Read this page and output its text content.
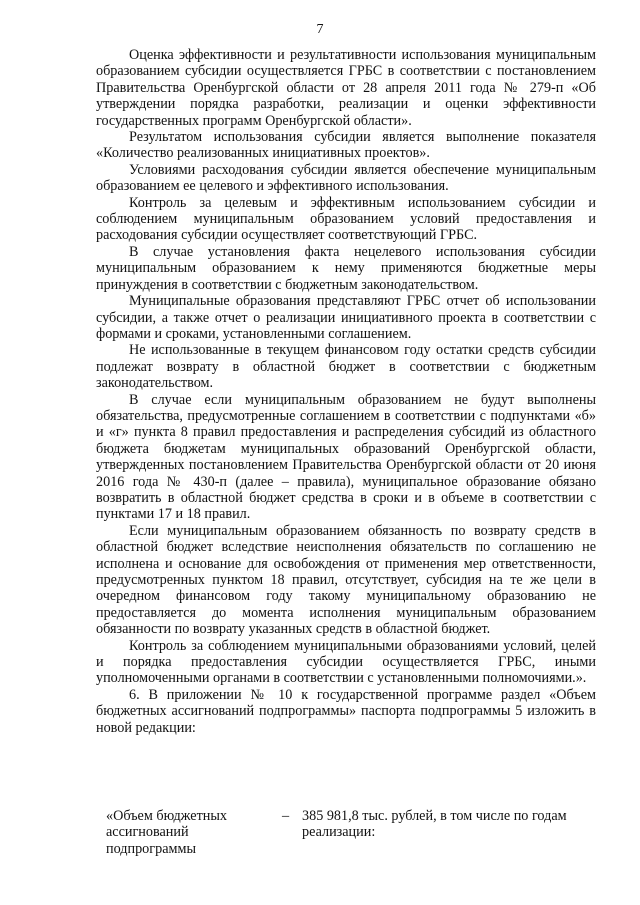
7

Оценка эффективности и результативности использования муниципальным образованием субсидии осуществляется ГРБС в соответствии с постановлением Правительства Оренбургской области от 28 апреля 2011 года № 279-п «Об утверждении порядка разработки, реализации и оценки эффективности государственных программ Оренбургской области».

Результатом использования субсидии является выполнение показателя «Количество реализованных инициативных проектов».

Условиями расходования субсидии является обеспечение муниципальным образованием ее целевого и эффективного использования.

Контроль за целевым и эффективным использованием субсидии и соблюдением муниципальным образованием условий предоставления и расходования субсидии осуществляет соответствующий ГРБС.

В случае установления факта нецелевого использования субсидии муниципальным образованием к нему применяются бюджетные меры принуждения в соответствии с бюджетным законодательством.

Муниципальные образования представляют ГРБС отчет об использовании субсидии, а также отчет о реализации инициативного проекта в соответствии с формами и сроками, установленными соглашением.

Не использованные в текущем финансовом году остатки средств субсидии подлежат возврату в областной бюджет в соответствии с бюджетным законодательством.

В случае если муниципальным образованием не будут выполнены обязательства, предусмотренные соглашением в соответствии с подпунктами «б» и «г» пункта 8 правил предоставления и распределения субсидий из областного бюджета бюджетам муниципальных образований Оренбургской области, утвержденных постановлением Правительства Оренбургской области от 20 июня 2016 года № 430-п (далее – правила), муниципальное образование обязано возвратить в областной бюджет средства в сроки и в объеме в соответствии с пунктами 17 и 18 правил.

Если муниципальным образованием обязанность по возврату средств в областной бюджет вследствие неисполнения обязательств по соглашению не исполнена и основание для освобождения от применения мер ответственности, предусмотренных пунктом 18 правил, отсутствует, субсидия на те же цели в очередном финансовом году такому муниципальному образованию не предоставляется до момента исполнения муниципальным образованием обязанности по возврату указанных средств в областной бюджет.

Контроль за соблюдением муниципальными образованиями условий, целей и порядка предоставления субсидии осуществляется ГРБС, иными уполномоченными органами в соответствии с установленными полномочиями.».

6. В приложении № 10 к государственной программе раздел «Объем бюджетных ассигнований подпрограммы» паспорта подпрограммы 5 изложить в новой редакции:

«Объем бюджетных ассигнований подпрограммы
– 385 981,8 тыс. рублей, в том числе по годам реализации:
